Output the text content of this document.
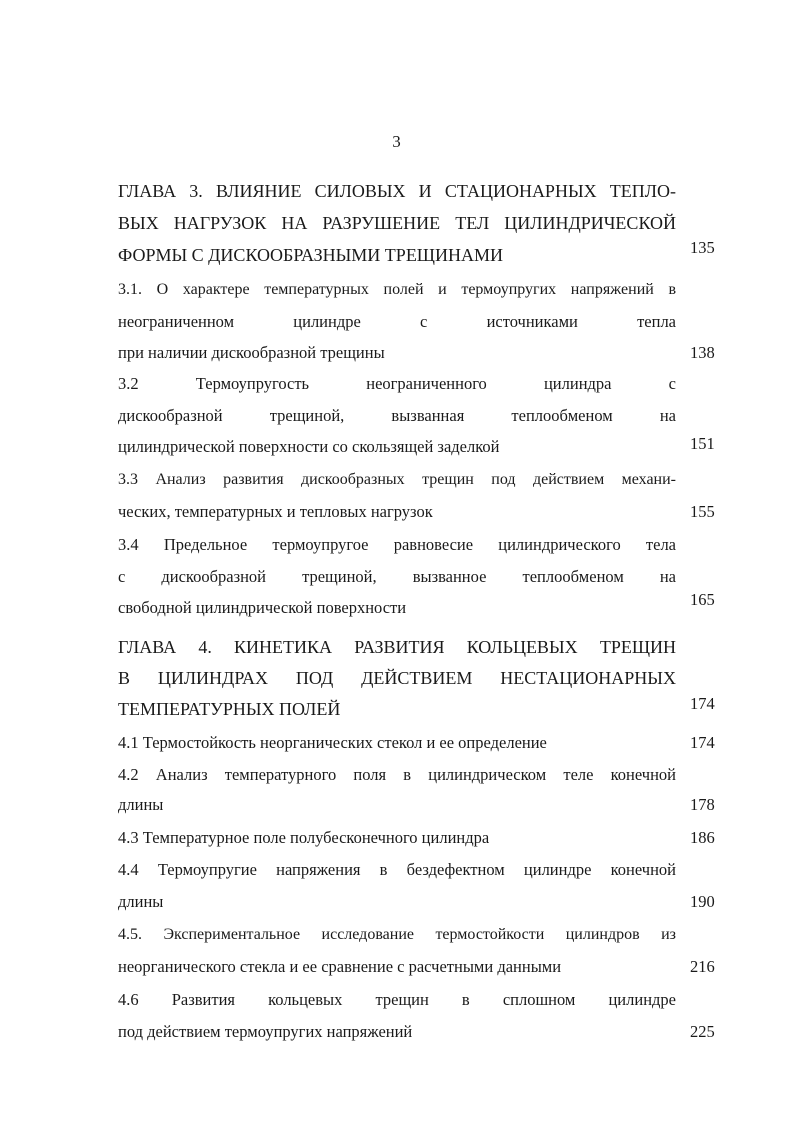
3
ГЛАВА 3. ВЛИЯНИЕ СИЛОВЫХ И СТАЦИОНАРНЫХ ТЕПЛО-
ВЫХ НАГРУЗОК НА РАЗРУШЕНИЕ ТЕЛ ЦИЛИНДРИЧЕСКОЙ
ФОРМЫ С ДИСКООБРАЗНЫМИ ТРЕЩИНАМИ	135
3.1. О характере температурных полей и термоупругих напряжений в
неограниченном цилиндре с источниками тепла
при наличии дискообразной трещины	138
3.2 Термоупругость неограниченного цилиндра с
дискообразной трещиной, вызванная теплообменом на
цилиндрической поверхности со скользящей заделкой	151
3.3 Анализ развития дискообразных трещин под действием механи-
ческих, температурных и тепловых нагрузок	155
3.4 Предельное термоупругое равновесие цилиндрического тела
с дискообразной трещиной, вызванное теплообменом на
свободной цилиндрической поверхности	165
ГЛАВА 4. КИНЕТИКА РАЗВИТИЯ КОЛЬЦЕВЫХ ТРЕЩИН
В ЦИЛИНДРАХ ПОД ДЕЙСТВИЕМ НЕСТАЦИОНАРНЫХ
ТЕМПЕРАТУРНЫХ ПОЛЕЙ	174
4.1 Термостойкость неорганических стекол и ее определение	174
4.2 Анализ температурного поля в цилиндрическом теле конечной
длины	178
4.3 Температурное поле полубесконечного цилиндра	186
4.4 Термоупругие напряжения в бездефектном цилиндре конечной
длины	190
4.5. Экспериментальное исследование термостойкости цилиндров из
неорганического стекла и ее сравнение с расчетными данными	216
4.6 Развития кольцевых трещин в сплошном цилиндре
под действием термоупругих напряжений	225
